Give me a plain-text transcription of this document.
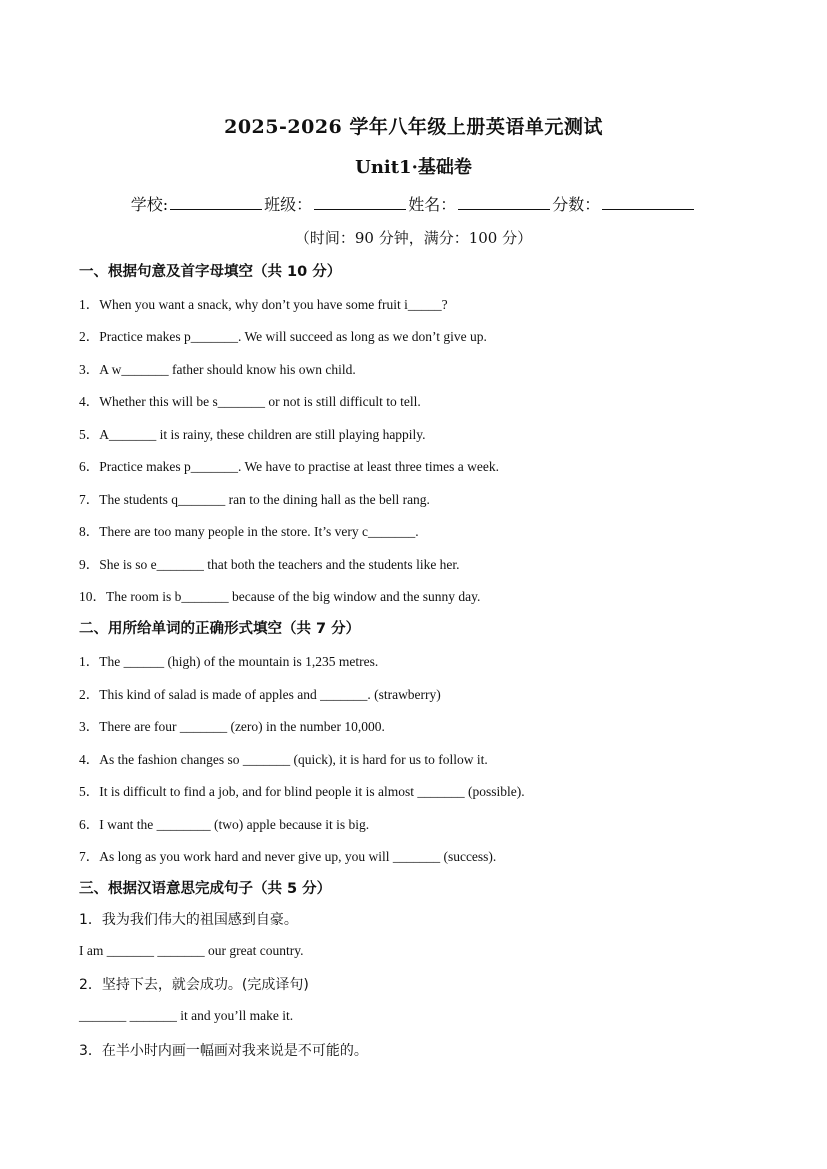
2025-2026 学年八年级上册英语单元测试
Unit1·基础卷
学校:	班级：	姓名：	分数：
（时间：90 分钟，满分：100 分）
一、根据句意及首字母填空（共 10 分）
1．When you want a snack, why don’t you have some fruit i_____?
2．Practice makes p_______. We will succeed as long as we don’t give up.
3．A w_______ father should know his own child.
4．Whether this will be s_______ or not is still difficult to tell.
5．A_______ it is rainy, these children are still playing happily.
6．Practice makes p_______. We have to practise at least three times a week.
7．The students q_______ ran to the dining hall as the bell rang.
8．There are too many people in the store. It’s very c_______.
9．She is so e_______ that both the teachers and the students like her.
10．The room is b_______ because of the big window and the sunny day.
二、用所给单词的正确形式填空（共 7 分）
1．The ______ (high) of the mountain is 1,235 metres.
2．This kind of salad is made of apples and _______. (strawberry)
3．There are four _______ (zero) in the number 10,000.
4．As the fashion changes so _______ (quick), it is hard for us to follow it.
5．It is difficult to find a job, and for blind people it is almost _______ (possible).
6．I want the ________ (two) apple because it is big.
7．As long as you work hard and never give up, you will _______ (success).
三、根据汉语意思完成句子（共 5 分）
1．我为我们伟大的祖国感到自豪。
I am _______ _______ our great country.
2．坚持下去，就会成功。(完成译句)
_______ _______ it and you’ll make it.
3．在半小时内画一幅画对我来说是不可能的。
